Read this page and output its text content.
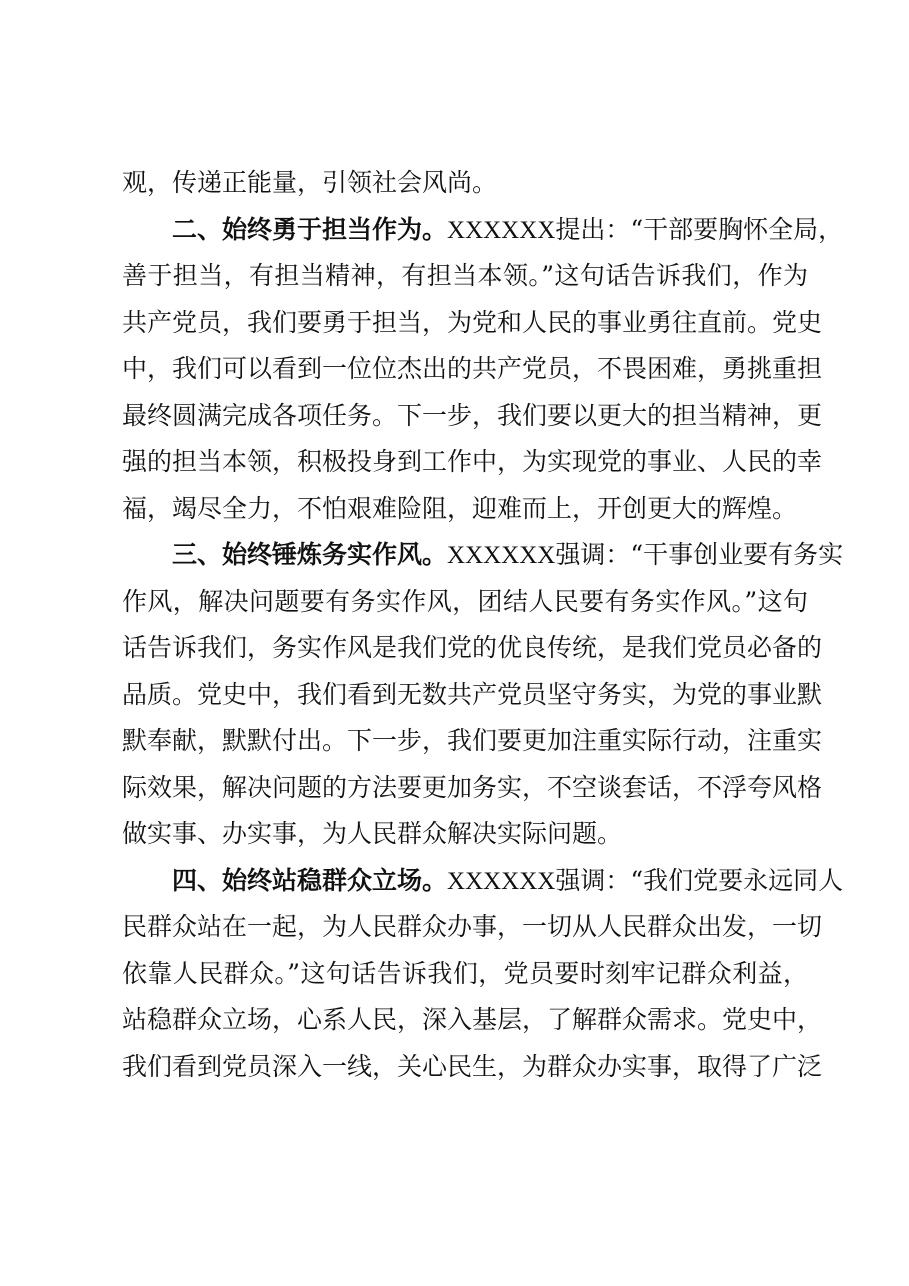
观，传递正能量，引领社会风尚。
二、始终勇于担当作为。XXXXXX提出：“干部要胸怀全局，
善于担当，有担当精神，有担当本领。”这句话告诉我们，作为
共产党员，我们要勇于担当，为党和人民的事业勇往直前。党史
中，我们可以看到一位位杰出的共产党员，不畏困难，勇挑重担
最终圆满完成各项任务。下一步，我们要以更大的担当精神，更
强的担当本领，积极投身到工作中，为实现党的事业、人民的幸
福，竭尽全力，不怕艰难险阻，迎难而上，开创更大的辉煌。
三、始终锤炼务实作风。XXXXXX强调：“干事创业要有务实
作风，解决问题要有务实作风，团结人民要有务实作风。”这句
话告诉我们，务实作风是我们党的优良传统，是我们党员必备的
品质。党史中，我们看到无数共产党员坚守务实，为党的事业默
默奉献，默默付出。下一步，我们要更加注重实际行动，注重实
际效果，解决问题的方法要更加务实，不空谈套话，不浮夸风格
做实事、办实事，为人民群众解决实际问题。
四、始终站稳群众立场。XXXXXX强调：“我们党要永远同人
民群众站在一起，为人民群众办事，一切从人民群众出发，一切
依靠人民群众。”这句话告诉我们，党员要时刻牢记群众利益，
站稳群众立场，心系人民，深入基层，了解群众需求。党史中，
我们看到党员深入一线，关心民生，为群众办实事，取得了广泛
